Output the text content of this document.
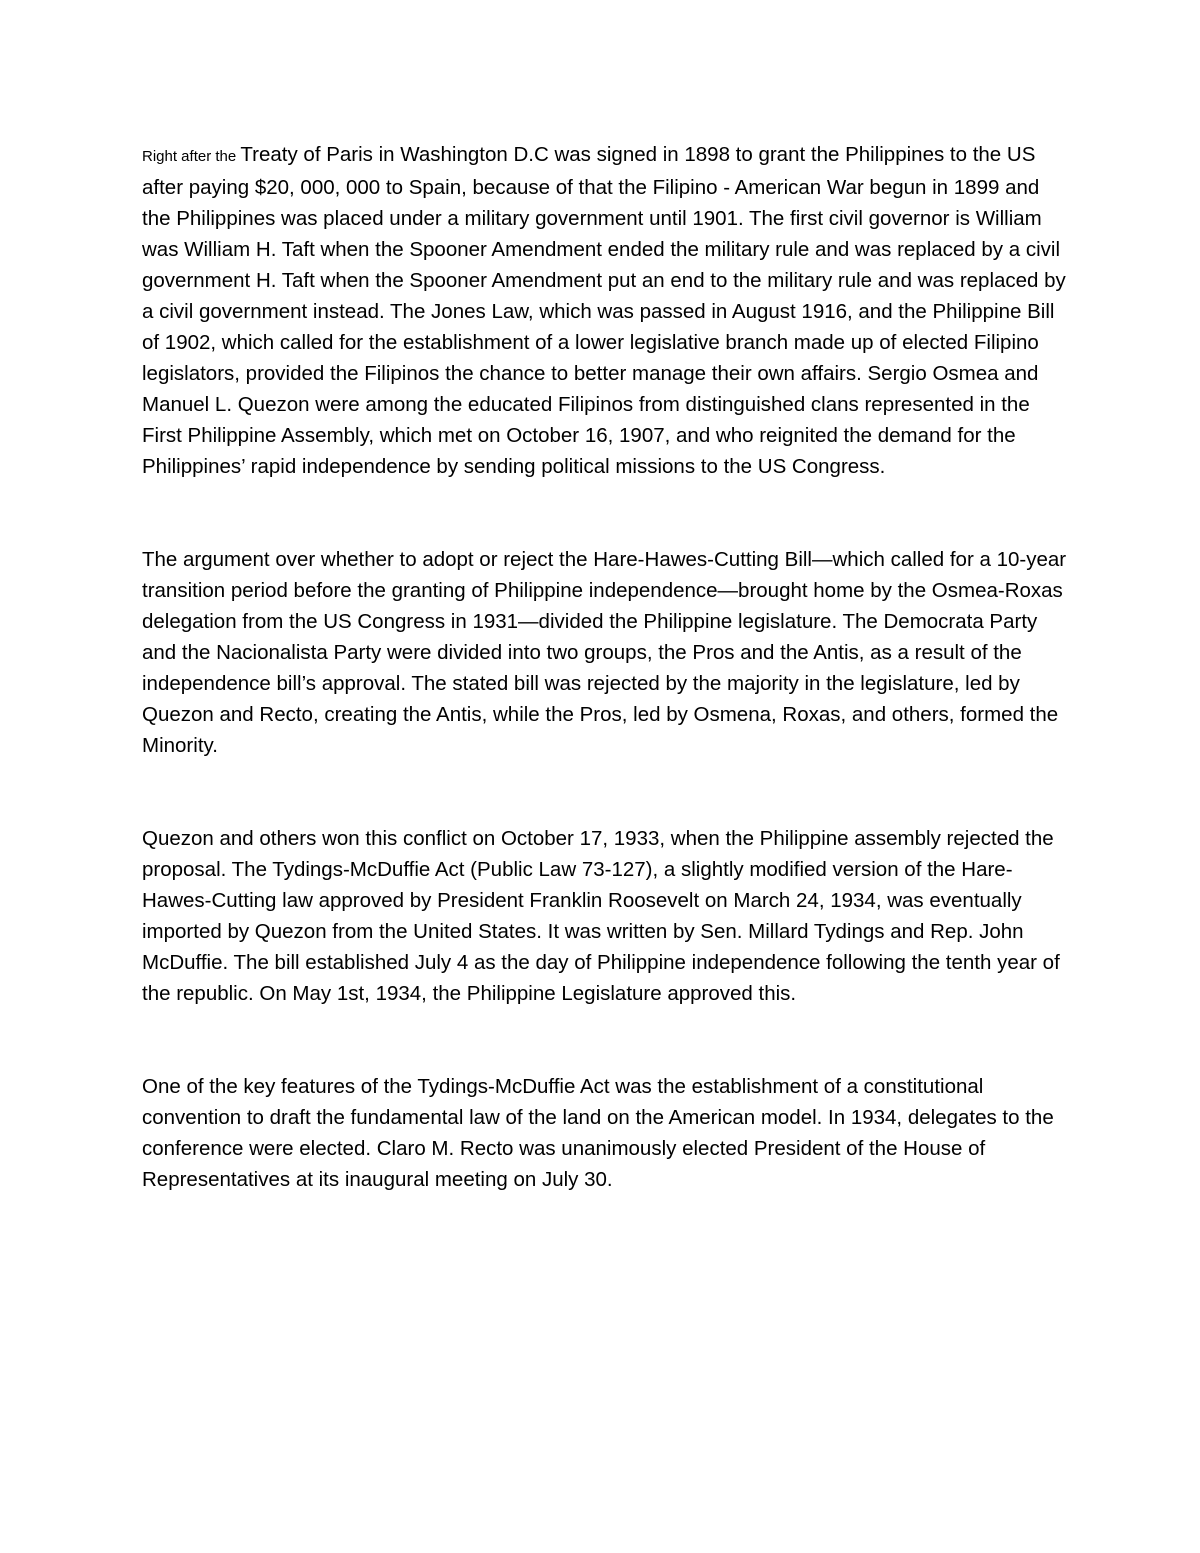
Right after the Treaty of Paris in Washington D.C was signed in 1898 to grant the Philippines to the US after paying $20, 000, 000 to Spain, because of that the Filipino - American War begun in 1899 and the Philippines was placed under a military government until 1901. The first civil governor is William was William H. Taft when the Spooner Amendment ended the military rule and was replaced by a civil government H. Taft when the Spooner Amendment put an end to the military rule and was replaced by a civil government instead. The Jones Law, which was passed in August 1916, and the Philippine Bill of 1902, which called for the establishment of a lower legislative branch made up of elected Filipino legislators, provided the Filipinos the chance to better manage their own affairs. Sergio Osmea and Manuel L. Quezon were among the educated Filipinos from distinguished clans represented in the First Philippine Assembly, which met on October 16, 1907, and who reignited the demand for the Philippines’ rapid independence by sending political missions to the US Congress.

The argument over whether to adopt or reject the Hare-Hawes-Cutting Bill—which called for a 10-year transition period before the granting of Philippine independence—brought home by the Osmea-Roxas delegation from the US Congress in 1931—divided the Philippine legislature. The Democrata Party and the Nacionalista Party were divided into two groups, the Pros and the Antis, as a result of the independence bill’s approval. The stated bill was rejected by the majority in the legislature, led by Quezon and Recto, creating the Antis, while the Pros, led by Osmena, Roxas, and others, formed the Minority.

Quezon and others won this conflict on October 17, 1933, when the Philippine assembly rejected the proposal. The Tydings-McDuffie Act (Public Law 73-127), a slightly modified version of the Hare-Hawes-Cutting law approved by President Franklin Roosevelt on March 24, 1934, was eventually imported by Quezon from the United States. It was written by Sen. Millard Tydings and Rep. John McDuffie. The bill established July 4 as the day of Philippine independence following the tenth year of the republic. On May 1st, 1934, the Philippine Legislature approved this.

One of the key features of the Tydings-McDuffie Act was the establishment of a constitutional convention to draft the fundamental law of the land on the American model. In 1934, delegates to the conference were elected. Claro M. Recto was unanimously elected President of the House of Representatives at its inaugural meeting on July 30.
